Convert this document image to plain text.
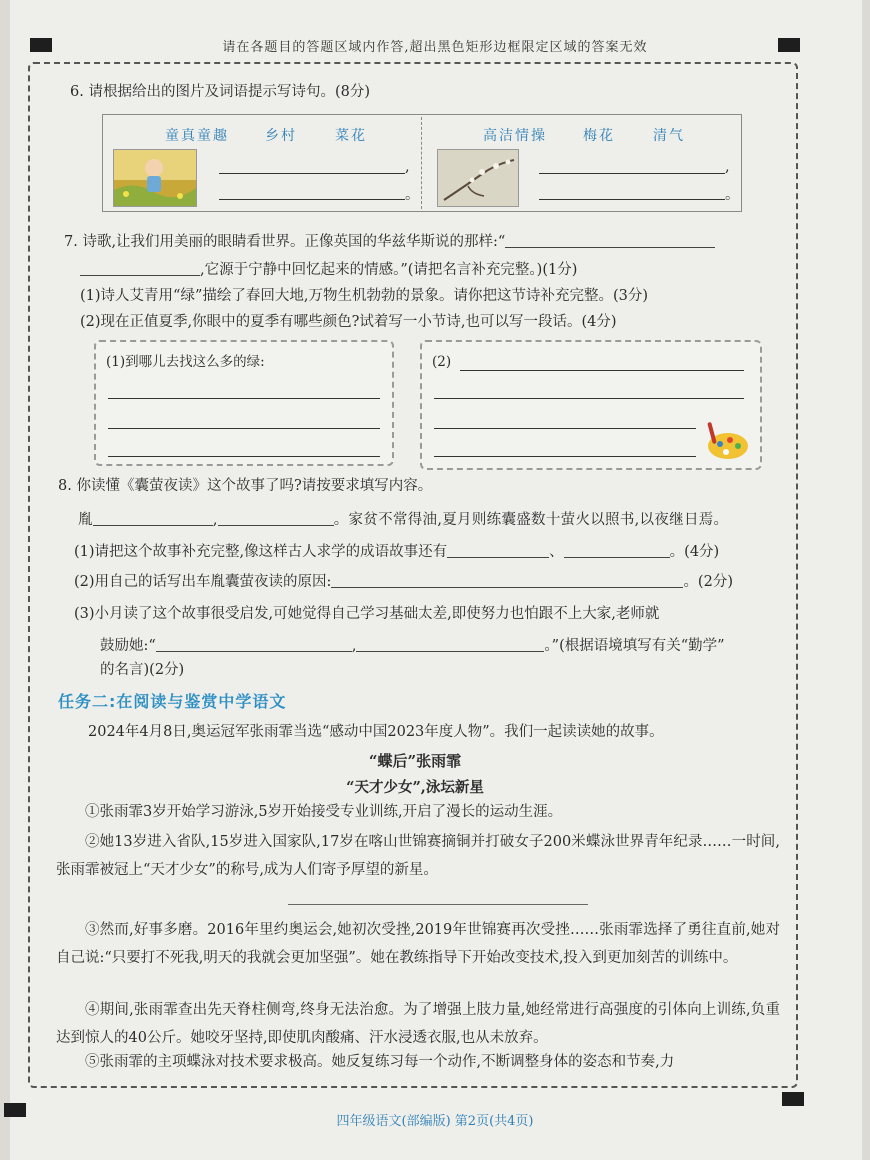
请在各题目的答题区域内作答,超出黑色矩形边框限定区域的答案无效
6. 请根据给出的图片及词语提示写诗句。(8分)
童真童趣	乡村	菜花	高洁情操	梅花	清气
,
。
,
。
7. 诗歌,让我们用美丽的眼睛看世界。正像英国的华兹华斯说的那样:“
,它源于宁静中回忆起来的情感。”(请把名言补充完整。)(1分)
(1)诗人艾青用“绿”描绘了春回大地,万物生机勃勃的景象。请你把这节诗补充完整。(3分)
(2)现在正值夏季,你眼中的夏季有哪些颜色?试着写一小节诗,也可以写一段话。(4分)
(1)到哪儿去找这么多的绿:	(2)
8. 你读懂《囊萤夜读》这个故事了吗?请按要求填写内容。
胤	,	。家贫不常得油,夏月则练囊盛数十萤火以照书,以夜继日焉。
(1)请把这个故事补充完整,像这样古人求学的成语故事还有	、	。(4分)
(2)用自己的话写出车胤囊萤夜读的原因:	。(2分)
(3)小月读了这个故事很受启发,可她觉得自己学习基础太差,即使努力也怕跟不上大家,老师就
鼓励她:“	,	。”(根据语境填写有关“勤学”
的名言)(2分)
任务二:在阅读与鉴赏中学语文
2024年4月8日,奥运冠军张雨霏当选“感动中国2023年度人物”。我们一起读读她的故事。
“蝶后”张雨霏
“天才少女”,泳坛新星
①张雨霏3岁开始学习游泳,5岁开始接受专业训练,开启了漫长的运动生涯。
②她13岁进入省队,15岁进入国家队,17岁在喀山世锦赛摘铜并打破女子200米蝶泳世界青年纪录……一时间,张雨霏被冠上“天才少女”的称号,成为人们寄予厚望的新星。
③然而,好事多磨。2016年里约奥运会,她初次受挫,2019年世锦赛再次受挫……张雨霏选择了勇往直前,她对自己说:“只要打不死我,明天的我就会更加坚强”。她在教练指导下开始改变技术,投入到更加刻苦的训练中。
④期间,张雨霏查出先天脊柱侧弯,终身无法治愈。为了增强上肢力量,她经常进行高强度的引体向上训练,负重达到惊人的40公斤。她咬牙坚持,即使肌肉酸痛、汗水浸透衣服,也从未放弃。
⑤张雨霏的主项蝶泳对技术要求极高。她反复练习每一个动作,不断调整身体的姿态和节奏,力
四年级语文(部编版) 第2页(共4页)
